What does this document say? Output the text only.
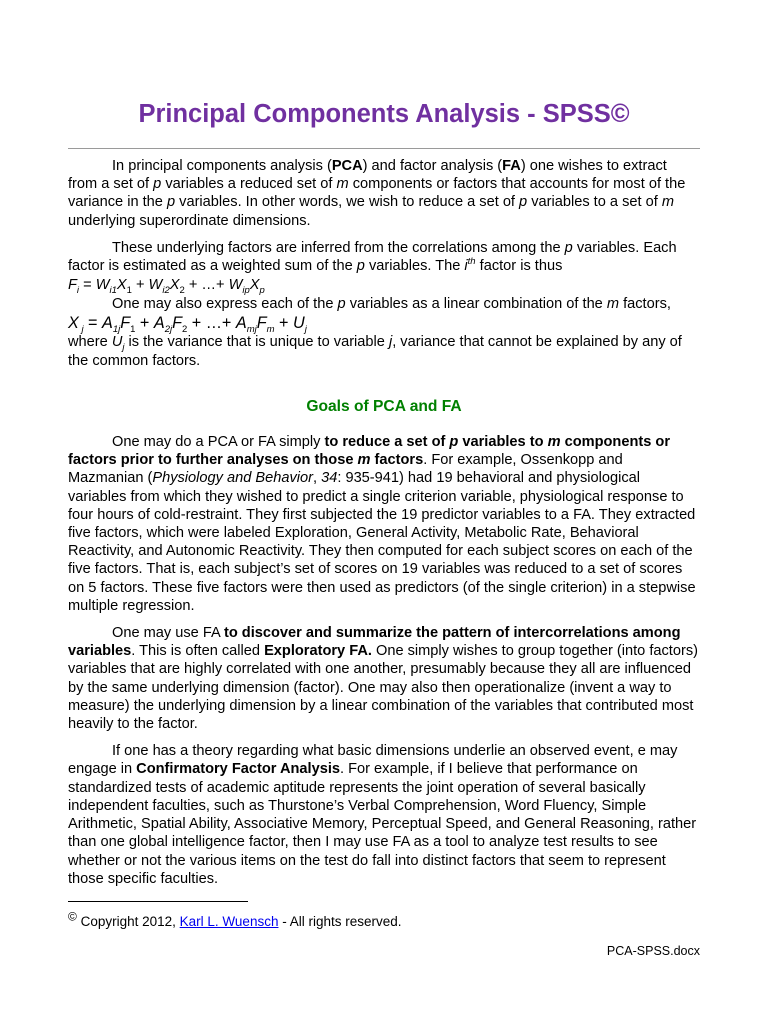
Principal Components Analysis - SPSS©

In principal components analysis (PCA) and factor analysis (FA) one wishes to extract from a set of p variables a reduced set of m components or factors that accounts for most of the variance in the p variables. In other words, we wish to reduce a set of p variables to a set of m underlying superordinate dimensions.

These underlying factors are inferred from the correlations among the p variables. Each factor is estimated as a weighted sum of the p variables. The $i^{th}$ factor is thus

$F_i = W_{i1}X_1 + W_{i2}X_2$ + …+ $W_{ip}X_p$

One may also express each of the p variables as a linear combination of the m factors,

X $_j = A_{1j}F_1 + A_{2j}F_2$ + …+ $A_{mj}F_m + U_j$

where $U_j$ is the variance that is unique to variable j, variance that cannot be explained by any of the common factors.

Goals of PCA and FA

One may do a PCA or FA simply to reduce a set of p variables to m components or factors prior to further analyses on those m factors. For example, Ossenkopp and Mazmanian (Physiology and Behavior, 34: 935-941) had 19 behavioral and physiological variables from which they wished to predict a single criterion variable, physiological response to four hours of cold-restraint. They first subjected the 19 predictor variables to a FA. They extracted five factors, which were labeled Exploration, General Activity, Metabolic Rate, Behavioral Reactivity, and Autonomic Reactivity. They then computed for each subject scores on each of the five factors. That is, each subject’s set of scores on 19 variables was reduced to a set of scores on 5 factors. These five factors were then used as predictors (of the single criterion) in a stepwise multiple regression.

One may use FA to discover and summarize the pattern of intercorrelations among variables. This is often called Exploratory FA. One simply wishes to group together (into factors) variables that are highly correlated with one another, presumably because they all are influenced by the same underlying dimension (factor). One may also then operationalize (invent a way to measure) the underlying dimension by a linear combination of the variables that contributed most heavily to the factor.

If one has a theory regarding what basic dimensions underlie an observed event, e may engage in Confirmatory Factor Analysis. For example, if I believe that performance on standardized tests of academic aptitude represents the joint operation of several basically independent faculties, such as Thurstone’s Verbal Comprehension, Word Fluency, Simple Arithmetic, Spatial Ability, Associative Memory, Perceptual Speed, and General Reasoning, rather than one global intelligence factor, then I may use FA as a tool to analyze test results to see whether or not the various items on the test do fall into distinct factors that seem to represent those specific faculties.

© Copyright 2012, Karl L. Wuensch - All rights reserved.
PCA-SPSS.docx
